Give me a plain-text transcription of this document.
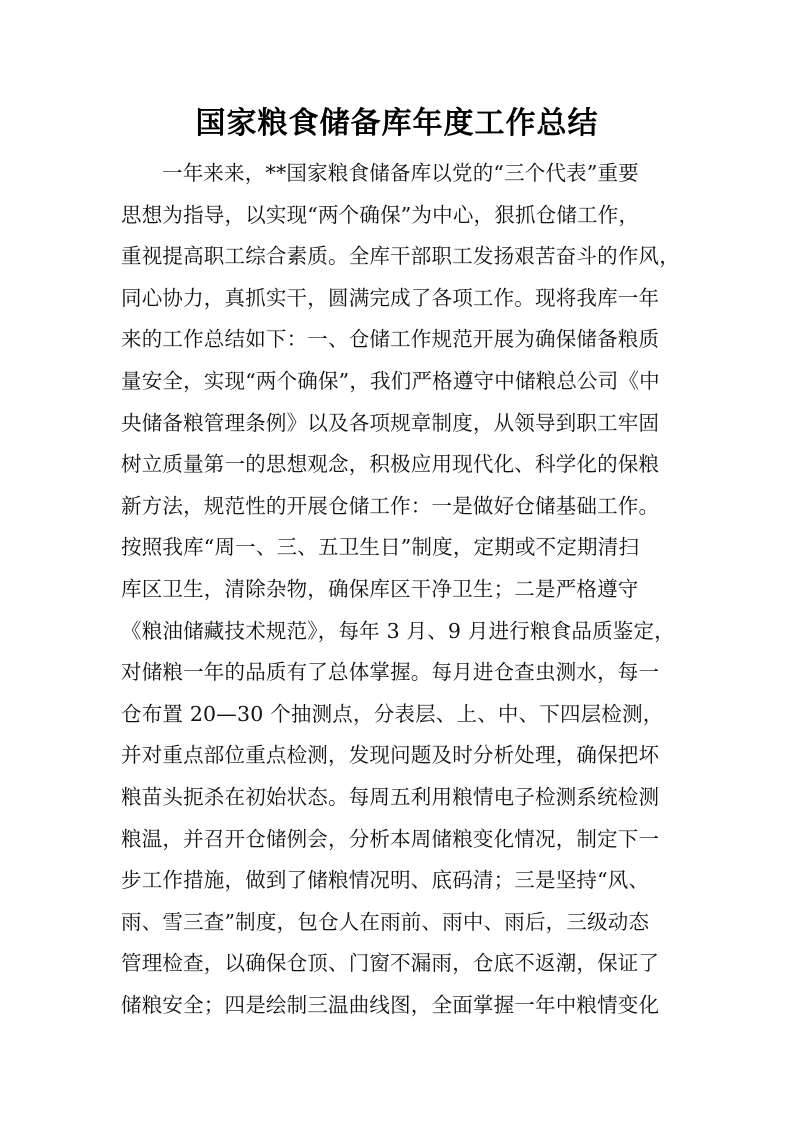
国家粮食储备库年度工作总结
一年来来，**国家粮食储备库以党的“三个代表”重要
思想为指导，以实现“两个确保”为中心，狠抓仓储工作，
重视提高职工综合素质。全库干部职工发扬艰苦奋斗的作风，
同心协力，真抓实干，圆满完成了各项工作。现将我库一年
来的工作总结如下：一、仓储工作规范开展为确保储备粮质
量安全，实现“两个确保”，我们严格遵守中储粮总公司《中
央储备粮管理条例》以及各项规章制度，从领导到职工牢固
树立质量第一的思想观念，积极应用现代化、科学化的保粮
新方法，规范性的开展仓储工作：一是做好仓储基础工作。
按照我库“周一、三、五卫生日”制度，定期或不定期清扫
库区卫生，清除杂物，确保库区干净卫生；二是严格遵守
《粮油储藏技术规范》，每年 3 月、9 月进行粮食品质鉴定，
对储粮一年的品质有了总体掌握。每月进仓查虫测水，每一
仓布置 20—30 个抽测点，分表层、上、中、下四层检测，
并对重点部位重点检测，发现问题及时分析处理，确保把坏
粮苗头扼杀在初始状态。每周五利用粮情电子检测系统检测
粮温，并召开仓储例会，分析本周储粮变化情况，制定下一
步工作措施，做到了储粮情况明、底码清；三是坚持“风、
雨、雪三查”制度，包仓人在雨前、雨中、雨后，三级动态
管理检查，以确保仓顶、门窗不漏雨，仓底不返潮，保证了
储粮安全；四是绘制三温曲线图，全面掌握一年中粮情变化
